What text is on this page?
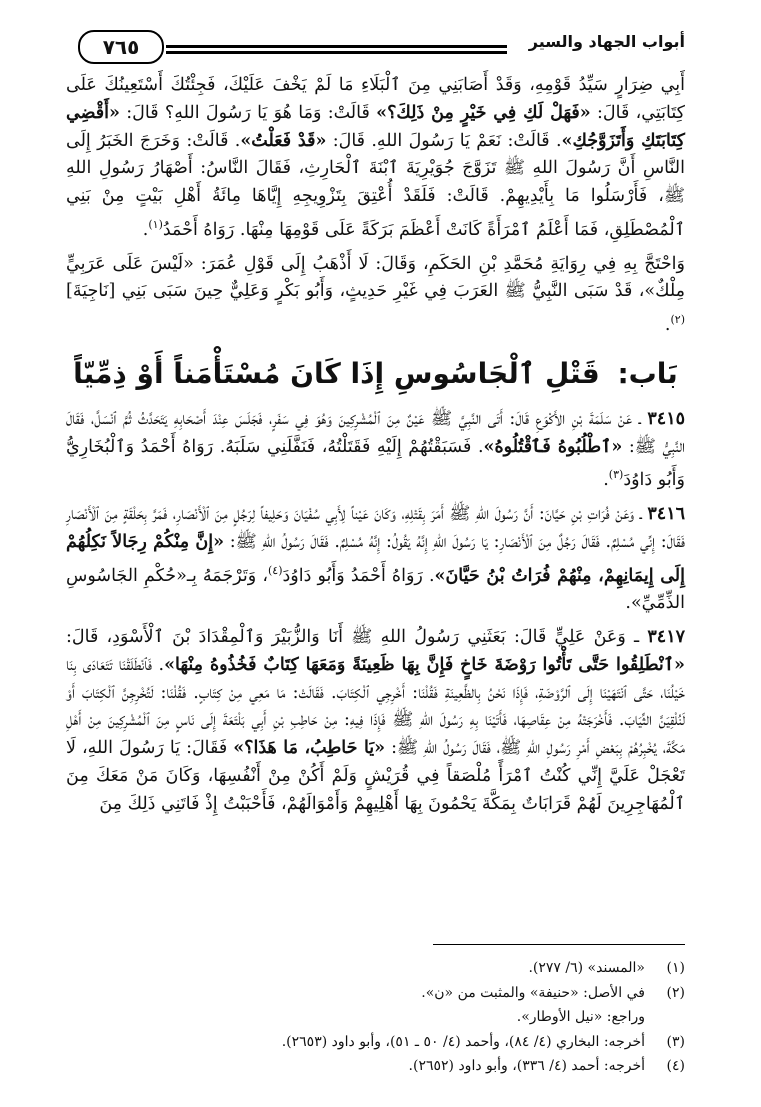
أبواب الجهاد والسير
٧٦٥

أَبِي ضِرَارٍ سَيِّدُ قَوْمِهِ، وَقَدْ أَصَابَنِي مِنَ ٱلْبَلَاءِ مَا لَمْ يَخْفَ عَلَيْكَ، فَجِئْتُكَ أَسْتَعِينُكَ عَلَى كِتَابَتِي، قَالَ: «فَهَلْ لَكِ فِي خَيْرٍ مِنْ ذَلِكَ؟» قَالَتْ: وَمَا هُوَ يَا رَسُولَ اللهِ؟ قَالَ: «أَقْضِي كِتَابَتَكِ وَأَتَزَوَّجُكِ». قَالَتْ: نَعَمْ يَا رَسُولَ اللهِ. قَالَ: «قَدْ فَعَلْتُ». قَالَتْ: وَخَرَجَ الخَبَرُ إِلَى النَّاسِ أَنَّ رَسُولَ اللهِ ﷺ تَزَوَّجَ جُوَيْرِيَةَ ٱبْنَةَ ٱلْحَارِثِ، فَقَالَ النَّاسُ: أَصْهَارُ رَسُولِ اللهِ ﷺ، فَأَرْسَلُوا مَا بِأَيْدِيهِمْ. قَالَتْ: فَلَقَدْ أُعْتِقَ بِتَزْوِيجِهِ إِيَّاهَا مِائَةُ أَهْلِ بَيْتٍ مِنْ بَنِي ٱلْمُصْطَلِقِ، فَمَا أَعْلَمُ ٱمْرَأَةً كَانَتْ أَعْظَمَ بَرَكَةً عَلَى قَوْمِهَا مِنْهَا. رَوَاهُ أَحْمَدُ$^{(١)}$.

وَاحْتَجَّ بِهِ فِي رِوَايَةِ مُحَمَّدِ بْنِ الحَكَمِ، وَقَالَ: لَا أَذْهَبُ إِلَى قَوْلِ عُمَرَ: «لَيْسَ عَلَى عَرَبِيٍّ مِلْكٌ»، قَدْ سَبَى النَّبِيُّ ﷺ العَرَبَ فِي غَيْرِ حَدِيثٍ، وَأَبُو بَكْرٍ وَعَلِيٌّ حِينَ سَبَى بَنِي [نَاجِيَةَ]$^{(٢)}$.

بَاب: قَتْلِ ٱلْجَاسُوسِ إِذَا كَانَ مُسْتَأْمَناً أَوْ ذِمِّيّاً

٣٤١٥ ـ عَنْ سَلَمَةَ بْنِ الأَكْوَعِ قَالَ: أَتَى النَّبِيَّ ﷺ عَيْنٌ مِنَ ٱلْمُشْرِكِينَ وَهُوَ فِي سَفَرٍ، فَجَلَسَ عِنْدَ أَصْحَابِهِ يَتَحَدَّثُ ثُمَّ ٱنْسَلَّ، فَقَالَ النَّبِيُّ ﷺ: «ٱطْلُبُوهُ فَٱقْتُلُوهُ». فَسَبَقْتُهُمْ إِلَيْهِ فَقَتَلْتُهُ، فَنَفَّلَنِي سَلَبَهُ. رَوَاهُ أَحْمَدُ وَٱلْبُخَارِيُّ وَأَبُو دَاوُدَ$^{(٣)}$.

٣٤١٦ ـ وَعَنْ فُرَاتِ بْنِ حَيَّانَ: أَنَّ رَسُولَ اللهِ ﷺ أَمَرَ بِقَتْلِهِ، وَكَانَ عَيْناً لِأَبِي سُفْيَانَ وَحَلِيفاً لِرَجُلٍ مِنَ ٱلْأَنْصَارِ، فَمَرَّ بِحَلْقَةٍ مِنَ ٱلْأَنْصَارِ فَقَالَ: إِنِّي مُسْلِمٌ. فَقَالَ رَجُلٌ مِنَ ٱلْأَنْصَارِ: يَا رَسُولَ اللهِ إِنَّهُ يَقُولُ: إِنَّهُ مُسْلِمٌ. فَقَالَ رَسُولُ اللهِ ﷺ: «إِنَّ مِنْكُمْ رِجَالاً نَكِلُهُمْ إِلَى إِيمَانِهِمْ، مِنْهُمْ فُرَاتُ بْنُ حَيَّانَ». رَوَاهُ أَحْمَدُ وَأَبُو دَاوُدَ$^{(٤)}$، وَتَرْجَمَهُ بِـ«حُكْمِ الجَاسُوسِ الذِّمِّيِّ».

٣٤١٧ ـ وَعَنْ عَلِيٍّ قَالَ: بَعَثَنِي رَسُولُ اللهِ ﷺ أَنَا وَالزُّبَيْرَ وَٱلْمِقْدَادَ بْنَ ٱلْأَسْوَدِ، قَالَ: «ٱنْطَلِقُوا حَتَّى تَأْتُوا رَوْضَةَ خَاخٍ فَإِنَّ بِهَا ظَعِينَةً وَمَعَهَا كِتَابٌ فَخُذُوهُ مِنْهَا». فَٱنْطَلَقْنَا تَتَعَادَى بِنَا خَيْلُنَا، حَتَّى ٱنْتَهَيْنَا إِلَى ٱلرَّوْضَةِ، فَإِذَا نَحْنُ بِالظَّعِينَةِ فَقُلْنَا: أَخْرِجِي ٱلْكِتَابَ. فَقَالَتْ: مَا مَعِي مِنْ كِتَابٍ. فَقُلْنَا: لَتُخْرِجِنَّ ٱلْكِتَابَ أَوْ لَنُلْقِيَنَّ الثِّيَابَ. فَأَخْرَجَتْهُ مِنْ عِقَاصِهَا، فَأَتَيْنَا بِهِ رَسُولَ اللهِ ﷺ فَإِذَا فِيهِ: مِنْ حَاطِبِ بْنِ أَبِي بَلْتَعَةَ إِلَى نَاسٍ مِنَ ٱلْمُشْرِكِينَ مِنْ أَهْلِ مَكَّةَ، يُخْبِرُهُمْ بِبَعْضِ أَمْرِ رَسُولِ اللهِ ﷺ، فَقَالَ رَسُولُ اللهِ ﷺ: «يَا حَاطِبُ، مَا هَذَا؟» فَقَالَ: يَا رَسُولَ اللهِ، لَا تَعْجَلْ عَلَيَّ إِنِّي كُنْتُ ٱمْرَأً مُلْصَقاً فِي قُرَيْشٍ وَلَمْ أَكُنْ مِنْ أَنْفُسِهَا، وَكَانَ مَنْ مَعَكَ مِنَ ٱلْمُهَاجِرِينَ لَهُمْ قَرَابَاتٌ بِمَكَّةَ يَحْمُونَ بِهَا أَهْلِيهِمْ وَأَمْوَالَهُمْ، فَأَحْبَبْتُ إِذْ فَاتَنِي ذَلِكَ مِنَ

(١)
«المسند» (٦/ ٢٧٧).
(٢)
في الأصل: «حنيفة» والمثبت من «ن».
وراجع: «نيل الأوطار».
(٣)
أخرجه: البخاري (٤/ ٨٤)، وأحمد (٤/ ٥٠ ـ ٥١)، وأبو داود (٢٦٥٣).
(٤)
أخرجه: أحمد (٤/ ٣٣٦)، وأبو داود (٢٦٥٢).
